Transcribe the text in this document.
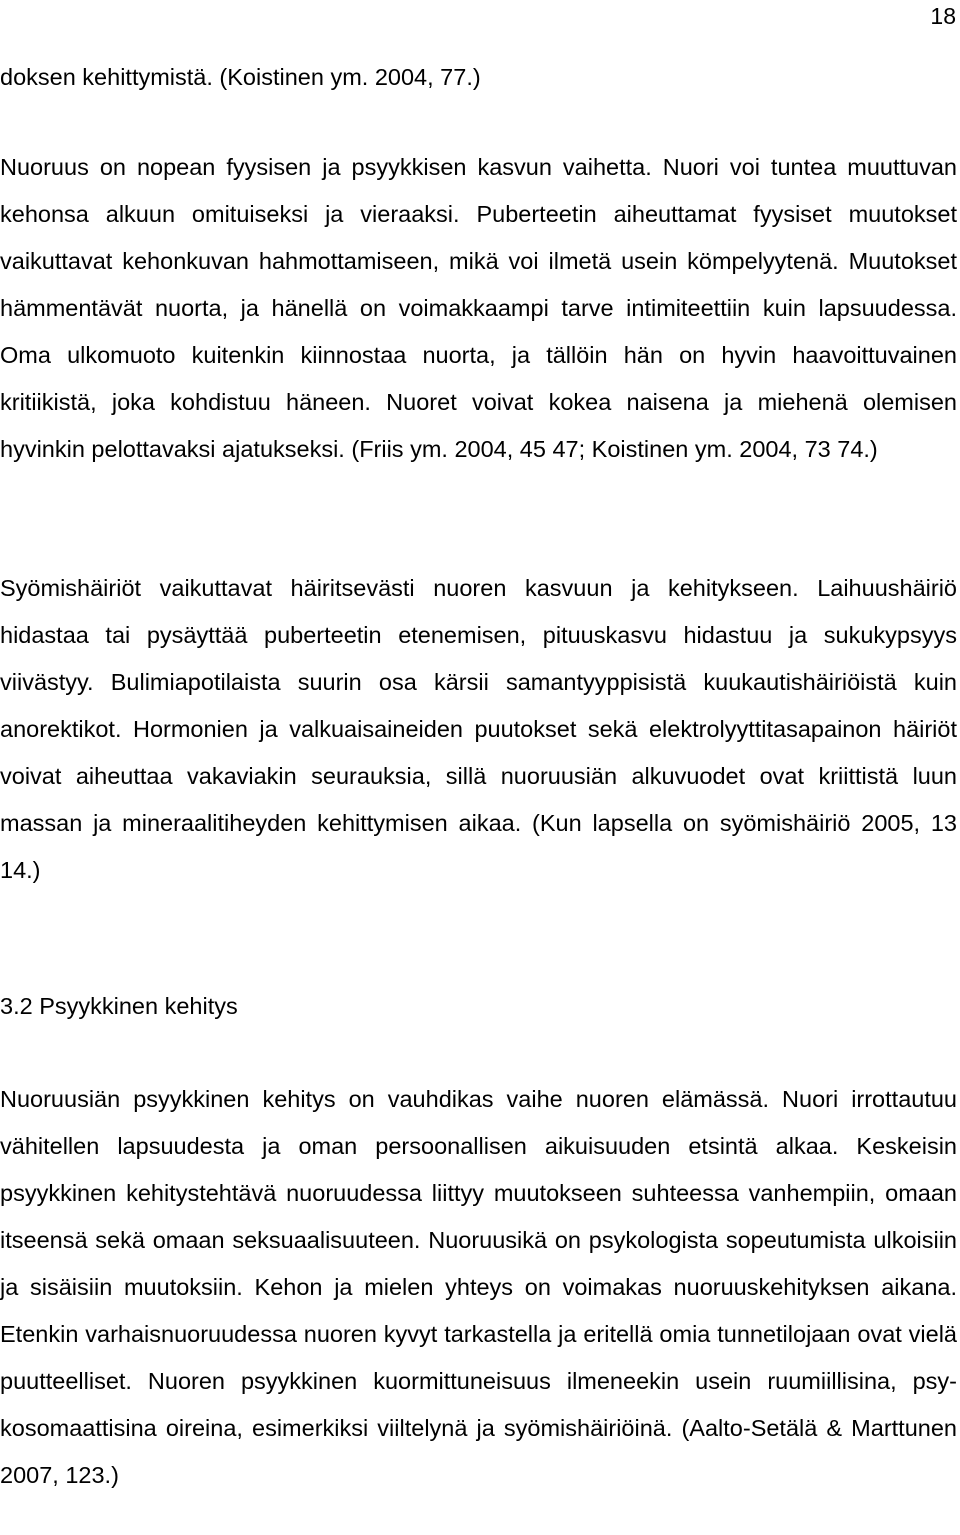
18

doksen kehittymistä. (Koistinen ym. 2004, 77.)

Nuoruus on nopean fyysisen ja psyykkisen kasvun vaihetta. Nuori voi tuntea muuttuvan kehonsa alkuun omituiseksi ja vieraaksi. Puberteetin aiheuttamat fyysiset muutokset vaikuttavat kehonkuvan hahmottamiseen, mikä voi ilmetä usein kömpelyytenä. Muutokset hämmentävät nuorta, ja hänellä on voimakkaampi tarve intimiteettiin kuin lapsuudessa. Oma ulkomuoto kuitenkin kiinnostaa nuorta, ja tällöin hän on hyvin haavoittuvainen kritiikistä, joka kohdistuu häneen. Nuoret voivat kokea naisena ja miehenä olemisen hyvinkin pelottavaksi ajatukseksi. (Friis ym. 2004, 45 47; Koistinen ym. 2004, 73 74.)

Syömishäiriöt vaikuttavat häiritsevästi nuoren kasvuun ja kehitykseen. Laihuushäiriö hidastaa tai pysäyttää puberteetin etenemisen, pituuskasvu hidastuu ja sukukypsyys viivästyy. Bulimiapotilaista suurin osa kärsii samantyyppisistä kuukautishäiriöistä kuin anorektikot. Hormonien ja valkuaisaineiden puutokset sekä elektrolyyttitasapainon häiriöt voivat aiheuttaa vakaviakin seurauksia, sillä nuoruusiän alkuvuodet ovat kriittistä luun massan ja mineraalitiheyden kehittymisen aikaa. (Kun lapsella on syömishäiriö 2005, 13 14.)

3.2 Psyykkinen kehitys

Nuoruusiän psyykkinen kehitys on vauhdikas vaihe nuoren elämässä. Nuori irrottautuu vähitellen lapsuudesta ja oman persoonallisen aikuisuuden etsintä alkaa. Keskeisin psyykkinen kehitystehtävä nuoruudessa liittyy muutokseen suhteessa vanhempiin, omaan itseensä sekä omaan seksuaalisuuteen. Nuoruusikä on psykologista sopeutumista ulkoisiin ja sisäisiin muutoksiin. Kehon ja mielen yhteys on voimakas nuoruuskehityksen aikana. Etenkin varhaisnuoruudessa nuoren kyvyt tarkastella ja eritellä omia tunnetilojaan ovat vielä puutteelliset. Nuoren psyykkinen kuormittuneisuus ilmeneekin usein ruumiillisina, psykosomaattisina oireina, esimerkiksi viiltelynä ja syömishäiriöinä. (Aalto-Setälä & Marttunen 2007, 123.)
